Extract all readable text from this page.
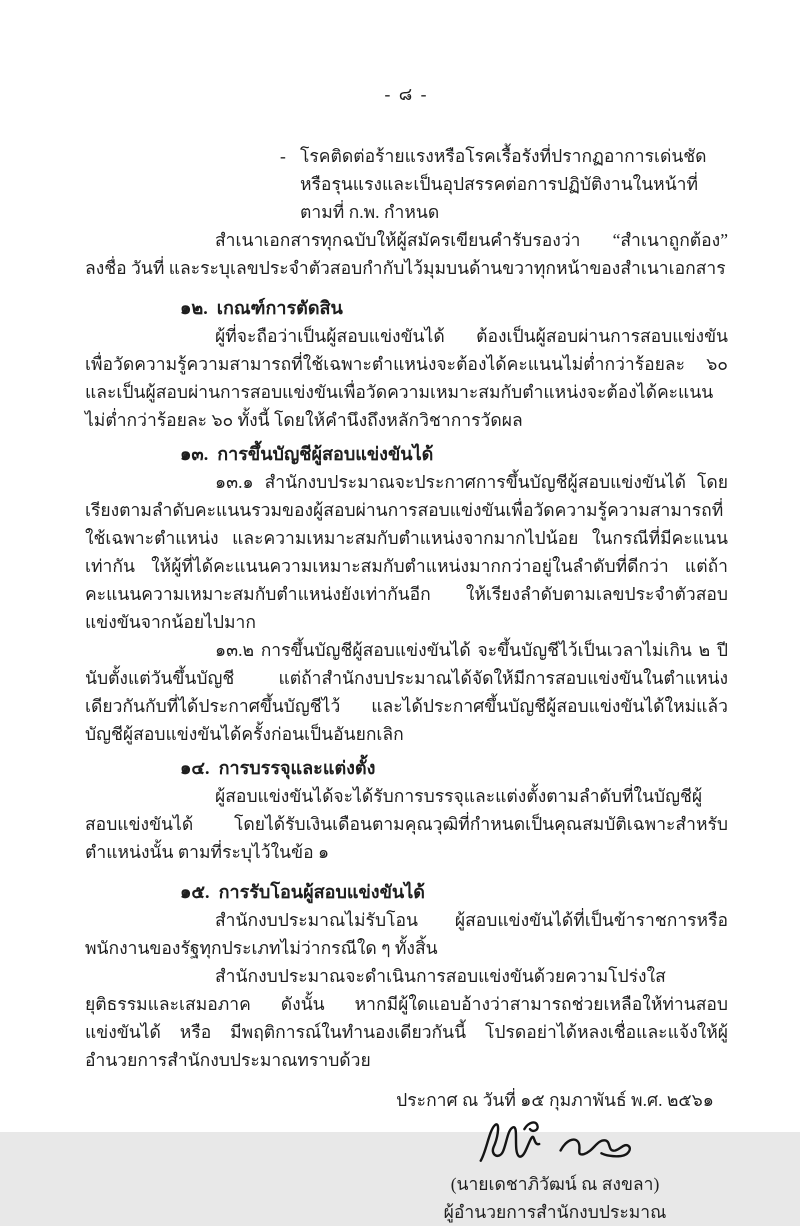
- ๘ -
- โรคติดต่อร้ายแรงหรือโรคเรื้อรังที่ปรากฏอาการเด่นชัดหรือรุนแรงและเป็นอุปสรรคต่อการปฏิบัติงานในหน้าที่ตามที่ ก.พ. กำหนด

สำเนาเอกสารทุกฉบับให้ผู้สมัครเขียนคำรับรองว่า “สำเนาถูกต้อง” ลงชื่อ วันที่ และระบุเลขประจำตัวสอบกำกับไว้มุมบนด้านขวาทุกหน้าของสำเนาเอกสาร

๑๒. เกณฑ์การตัดสิน

ผู้ที่จะถือว่าเป็นผู้สอบแข่งขันได้ ต้องเป็นผู้สอบผ่านการสอบแข่งขันเพื่อวัดความรู้ความสามารถที่ใช้เฉพาะตำแหน่งจะต้องได้คะแนนไม่ต่ำกว่าร้อยละ ๖๐ และเป็นผู้สอบผ่านการสอบแข่งขันเพื่อวัดความเหมาะสมกับตำแหน่งจะต้องได้คะแนนไม่ต่ำกว่าร้อยละ ๖๐ ทั้งนี้ โดยให้คำนึงถึงหลักวิชาการวัดผล

๑๓. การขึ้นบัญชีผู้สอบแข่งขันได้

๑๓.๑ สำนักงบประมาณจะประกาศการขึ้นบัญชีผู้สอบแข่งขันได้ โดยเรียงตามลำดับคะแนนรวมของผู้สอบผ่านการสอบแข่งขันเพื่อวัดความรู้ความสามารถที่ใช้เฉพาะตำแหน่ง และความเหมาะสมกับตำแหน่งจากมากไปน้อย ในกรณีที่มีคะแนนเท่ากัน ให้ผู้ที่ได้คะแนนความเหมาะสมกับตำแหน่งมากกว่าอยู่ในลำดับที่ดีกว่า แต่ถ้าคะแนนความเหมาะสมกับตำแหน่งยังเท่ากันอีก ให้เรียงลำดับตามเลขประจำตัวสอบแข่งขันจากน้อยไปมาก

๑๓.๒ การขึ้นบัญชีผู้สอบแข่งขันได้ จะขึ้นบัญชีไว้เป็นเวลาไม่เกิน ๒ ปี นับตั้งแต่วันขึ้นบัญชี แต่ถ้าสำนักงบประมาณได้จัดให้มีการสอบแข่งขันในตำแหน่งเดียวกันกับที่ได้ประกาศขึ้นบัญชีไว้ และได้ประกาศขึ้นบัญชีผู้สอบแข่งขันได้ใหม่แล้ว บัญชีผู้สอบแข่งขันได้ครั้งก่อนเป็นอันยกเลิก

๑๔. การบรรจุและแต่งตั้ง

ผู้สอบแข่งขันได้จะได้รับการบรรจุและแต่งตั้งตามลำดับที่ในบัญชีผู้สอบแข่งขันได้ โดยได้รับเงินเดือนตามคุณวุฒิที่กำหนดเป็นคุณสมบัติเฉพาะสำหรับตำแหน่งนั้น ตามที่ระบุไว้ในข้อ ๑

๑๕. การรับโอนผู้สอบแข่งขันได้

สำนักงบประมาณไม่รับโอน ผู้สอบแข่งขันได้ที่เป็นข้าราชการหรือพนักงานของรัฐทุกประเภทไม่ว่ากรณีใด ๆ ทั้งสิ้น

สำนักงบประมาณจะดำเนินการสอบแข่งขันด้วยความโปร่งใส ยุติธรรมและเสมอภาค ดังนั้น หากมีผู้ใดแอบอ้างว่าสามารถช่วยเหลือให้ท่านสอบแข่งขันได้ หรือ มีพฤติการณ์ในทำนองเดียวกันนี้ โปรดอย่าได้หลงเชื่อและแจ้งให้ผู้อำนวยการสำนักงบประมาณทราบด้วย

ประกาศ ณ วันที่ ๑๕ กุมภาพันธ์ พ.ศ. ๒๕๖๑
(นายเดชาภิวัฒน์ ณ สงขลา)
ผู้อำนวยการสำนักงบประมาณ
